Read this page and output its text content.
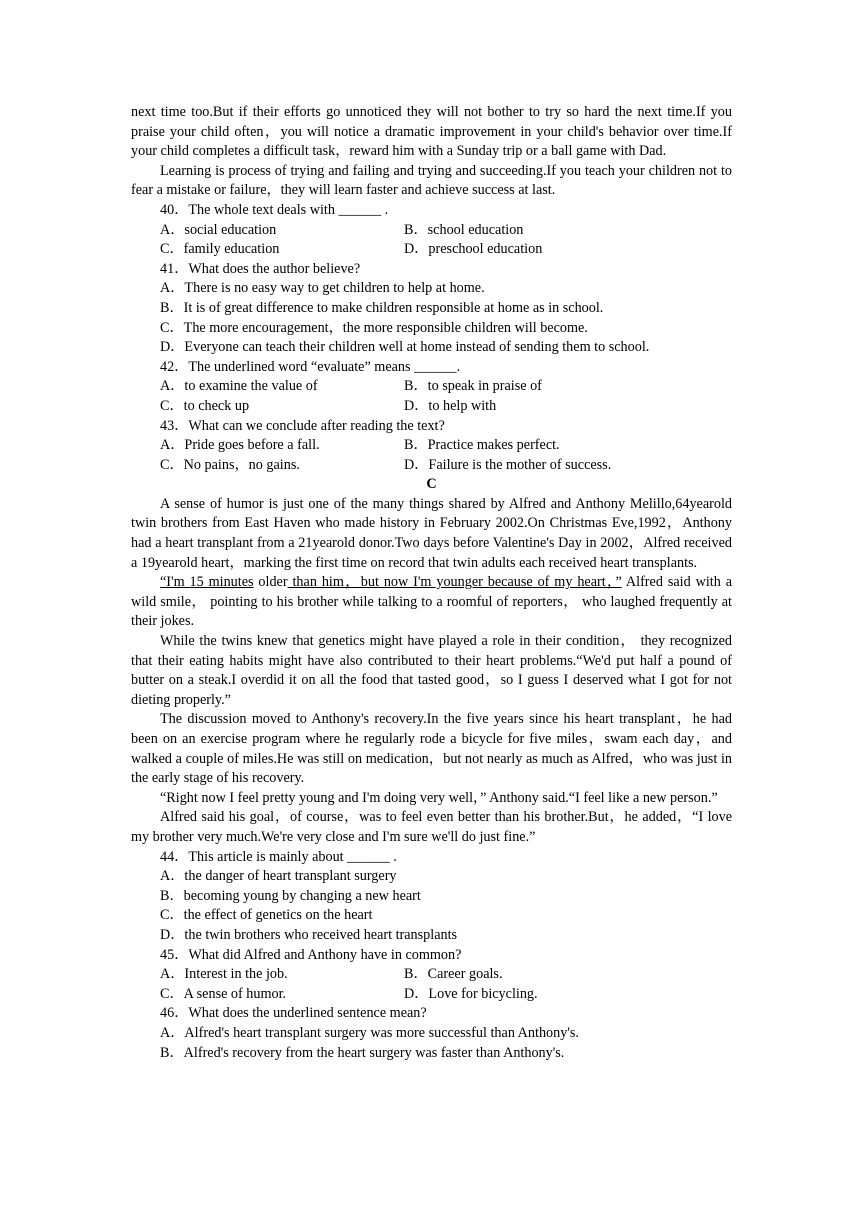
next time too.But if their efforts go unnoticed they will not bother to try so hard the next time.If you praise your child often，you will notice a dramatic improvement in your child's behavior over time.If your child completes a difficult task，reward him with a Sunday trip or a ball game with Dad.

Learning is process of trying and failing and trying and succeeding.If you teach your children not to fear a mistake or failure，they will learn faster and achieve success at last.

40．The whole text deals with ______ .

A．social education	B．school education
C．family education	D．preschool education

41．What does the author believe?

A．There is no easy way to get children to help at home.

B．It is of great difference to make children responsible at home as in school.

C．The more encouragement，the more responsible children will become.

D．Everyone can teach their children well at home instead of sending them to school.

42．The underlined word “evaluate” means ______.

A．to examine the value of	B．to speak in praise of
C．to check up	D．to help with

43．What can we conclude after reading the text?

A．Pride goes before a fall.	B．Practice makes perfect.
C．No pains，no gains.	D．Failure is the mother of success.

C

A sense of humor is just one of the many things shared by Alfred and Anthony Melillo,64yearold twin brothers from East Haven who made history in February 2002.On Christmas Eve,1992，Anthony had a heart transplant from a 21yearold donor.Two days before Valentine's Day in 2002，Alfred received a 19yearold heart，marking the first time on record that twin adults each received heart transplants.

“I'm 15 minutes older than him，but now I'm younger because of my heart，” Alfred said with a wild smile， pointing to his brother while talking to a roomful of reporters， who laughed frequently at their jokes.

While the twins knew that genetics might have played a role in their condition， they recognized that their eating habits might have also contributed to their heart problems.“We'd put half a pound of butter on a steak.I overdid it on all the food that tasted good，so I guess I deserved what I got for not dieting properly.”

The discussion moved to Anthony's recovery.In the five years since his heart transplant，he had been on an exercise program where he regularly rode a bicycle for five miles，swam each day，and walked a couple of miles.He was still on medication，but not nearly as much as Alfred，who was just in the early stage of his recovery.

“Right now I feel pretty young and I'm doing very well，” Anthony said.“I feel like a new person.”

Alfred said his goal，of course，was to feel even better than his brother.But，he added，“I love my brother very much.We're very close and I'm sure we'll do just fine.”

44．This article is mainly about ______ .

A．the danger of heart transplant surgery

B．becoming young by changing a new heart

C．the effect of genetics on the heart

D．the twin brothers who received heart transplants

45．What did Alfred and Anthony have in common?

A．Interest in the job.	B．Career goals.
C．A sense of humor.	D．Love for bicycling.

46．What does the underlined sentence mean?

A．Alfred's heart transplant surgery was more successful than Anthony's.

B．Alfred's recovery from the heart surgery was faster than Anthony's.
